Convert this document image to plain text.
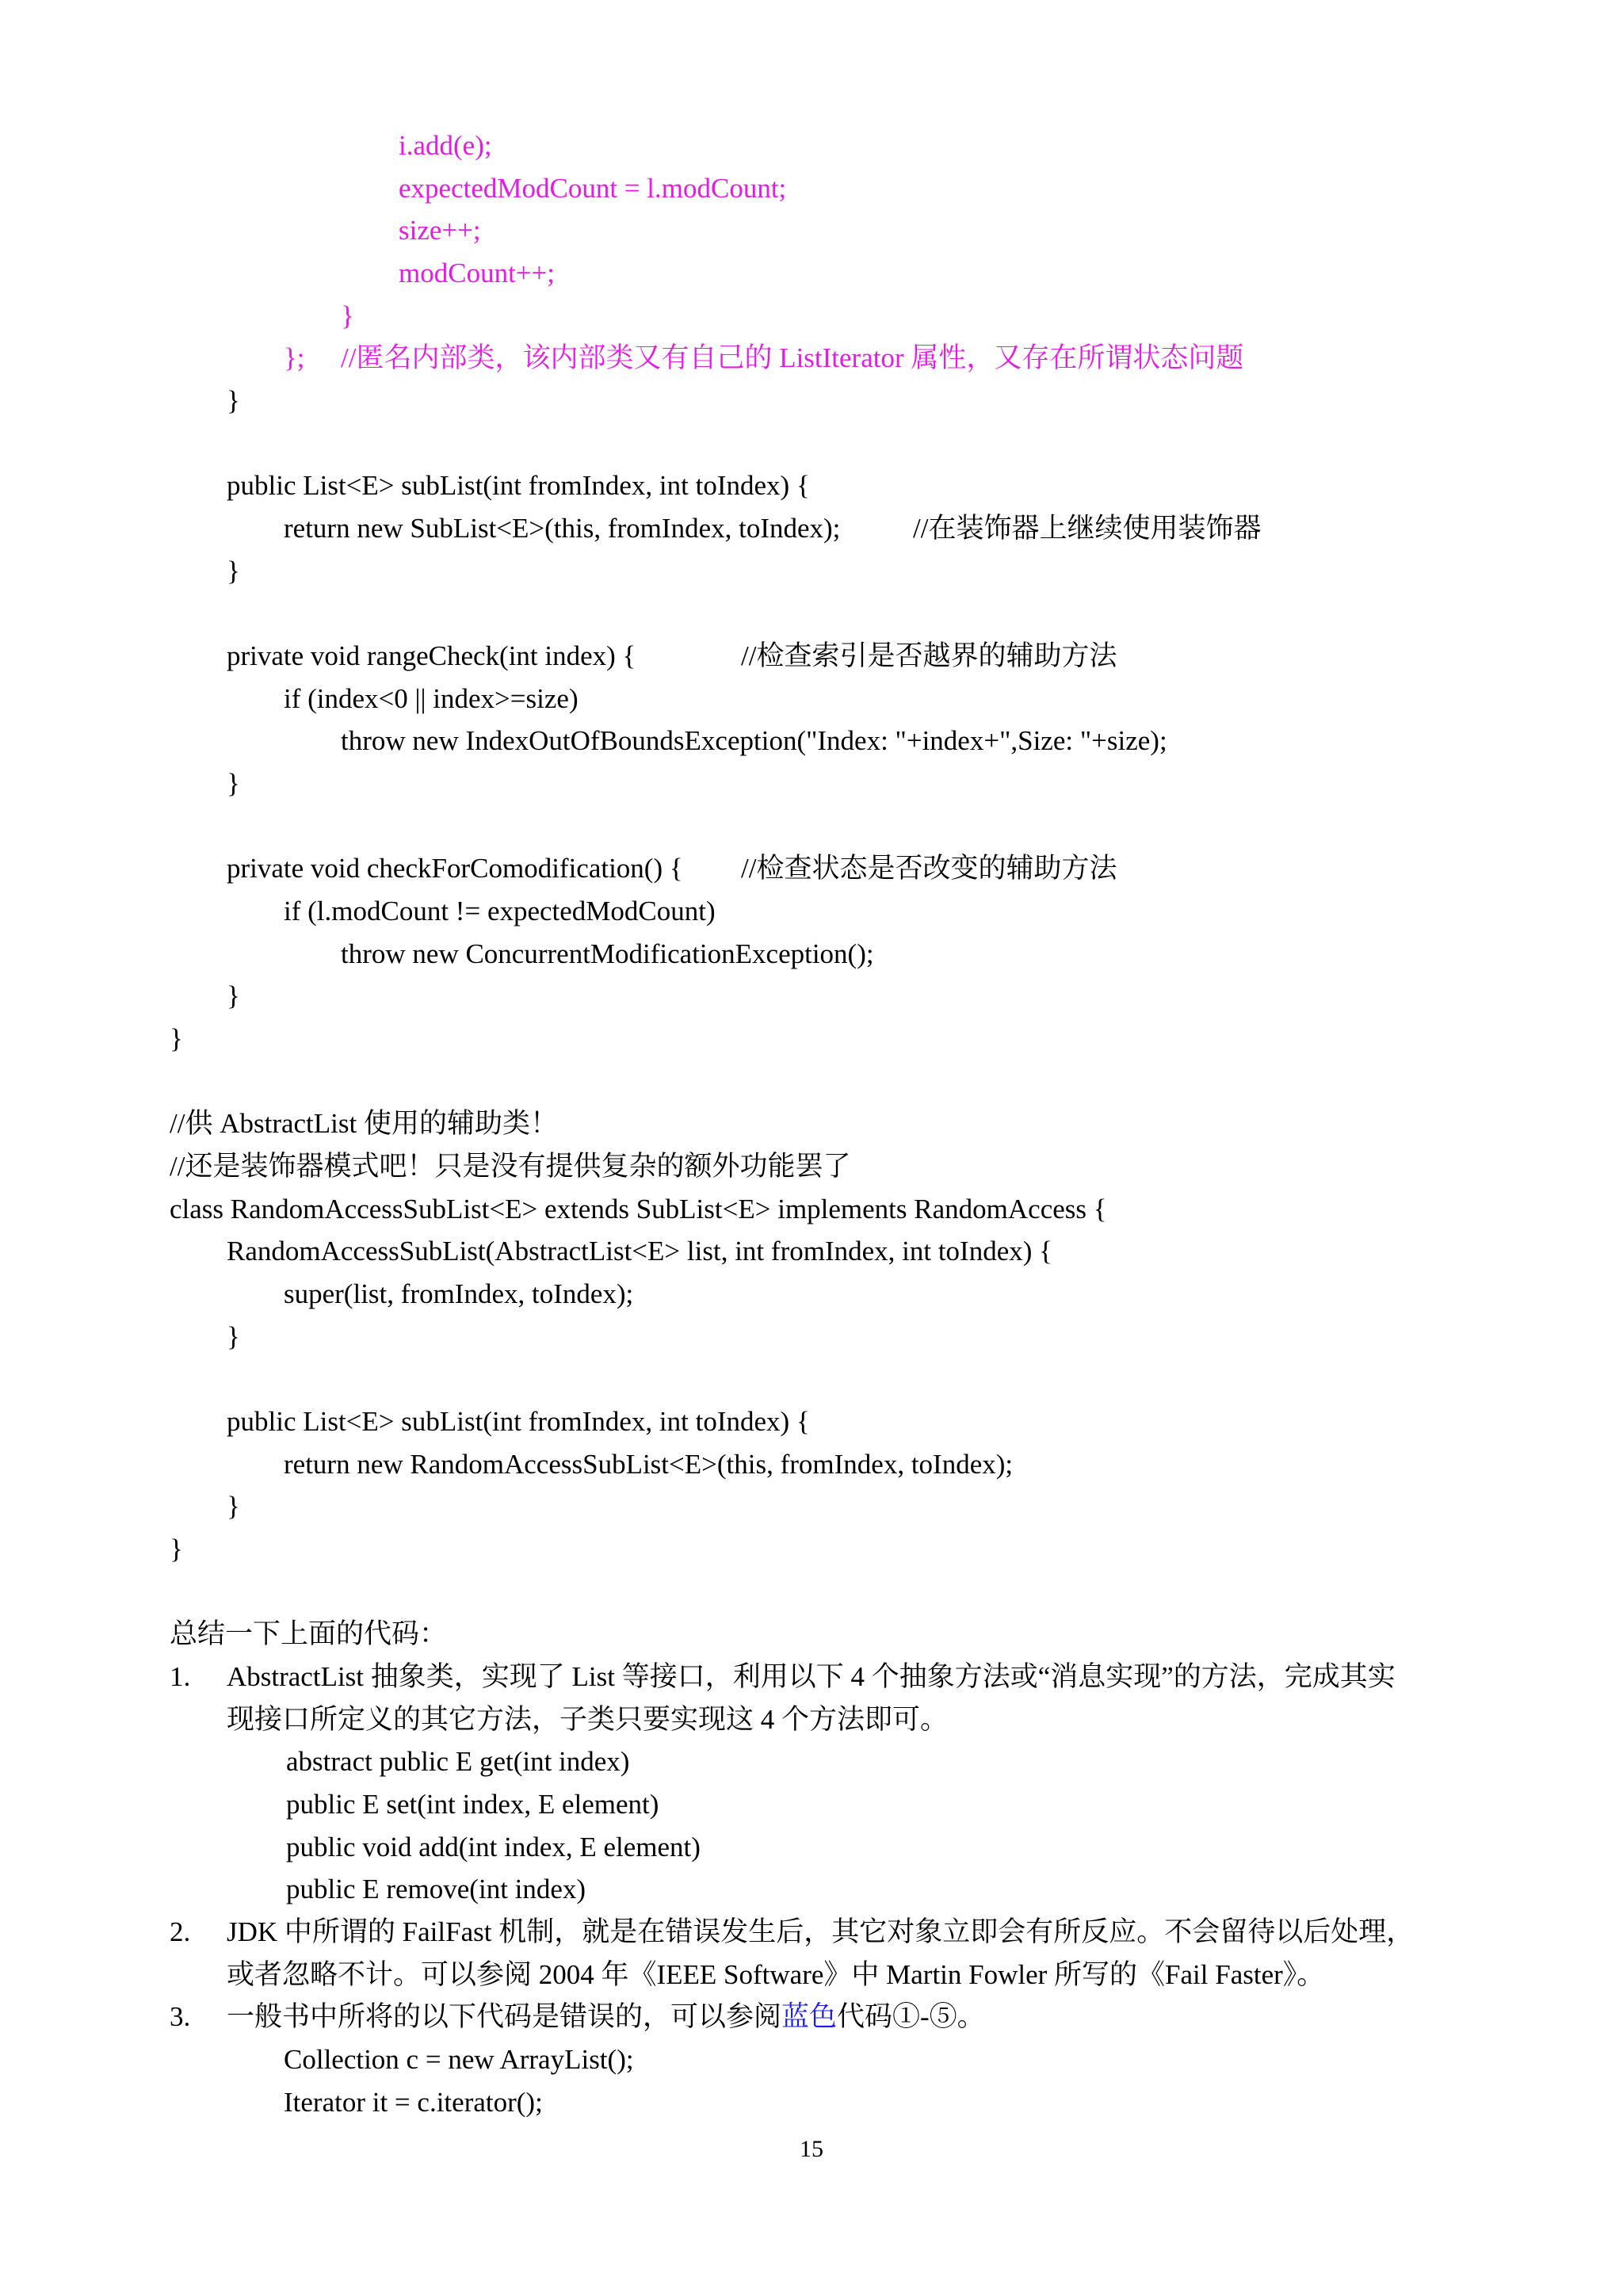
i.add(e);
expectedModCount = l.modCount;
size++;
modCount++;
}
}; //匿名内部类，该内部类又有自己的 ListIterator 属性，又存在所谓状态问题
}
public List<E> subList(int fromIndex, int toIndex) {
return new SubList<E>(this, fromIndex, toIndex);	//在装饰器上继续使用装饰器
}
private void rangeCheck(int index) {	//检查索引是否越界的辅助方法
if (index<0 || index>=size)
throw new IndexOutOfBoundsException("Index: "+index+",Size: "+size);
}
private void checkForComodification() { //检查状态是否改变的辅助方法
if (l.modCount != expectedModCount)
throw new ConcurrentModificationException();
}
}
//供 AbstractList 使用的辅助类！
//还是装饰器模式吧！只是没有提供复杂的额外功能罢了
class RandomAccessSubList<E> extends SubList<E> implements RandomAccess {
RandomAccessSubList(AbstractList<E> list, int fromIndex, int toIndex) {
super(list, fromIndex, toIndex);
}
public List<E> subList(int fromIndex, int toIndex) {
return new RandomAccessSubList<E>(this, fromIndex, toIndex);
}
}
总结一下上面的代码：
1. AbstractList 抽象类，实现了 List 等接口，利用以下 4 个抽象方法或“消息实现”的方法，完成其实
现接口所定义的其它方法，子类只要实现这 4 个方法即可。
abstract public E get(int index)
public E set(int index, E element)
public void add(int index, E element)
public E remove(int index)
2. JDK 中所谓的 FailFast 机制，就是在错误发生后，其它对象立即会有所反应。不会留待以后处理，
或者忽略不计。可以参阅 2004 年《IEEE Software》中 Martin Fowler 所写的《Fail Faster》。
3. 一般书中所将的以下代码是错误的，可以参阅蓝色代码①-⑤。
Collection c = new ArrayList();
Iterator it = c.iterator();
15
